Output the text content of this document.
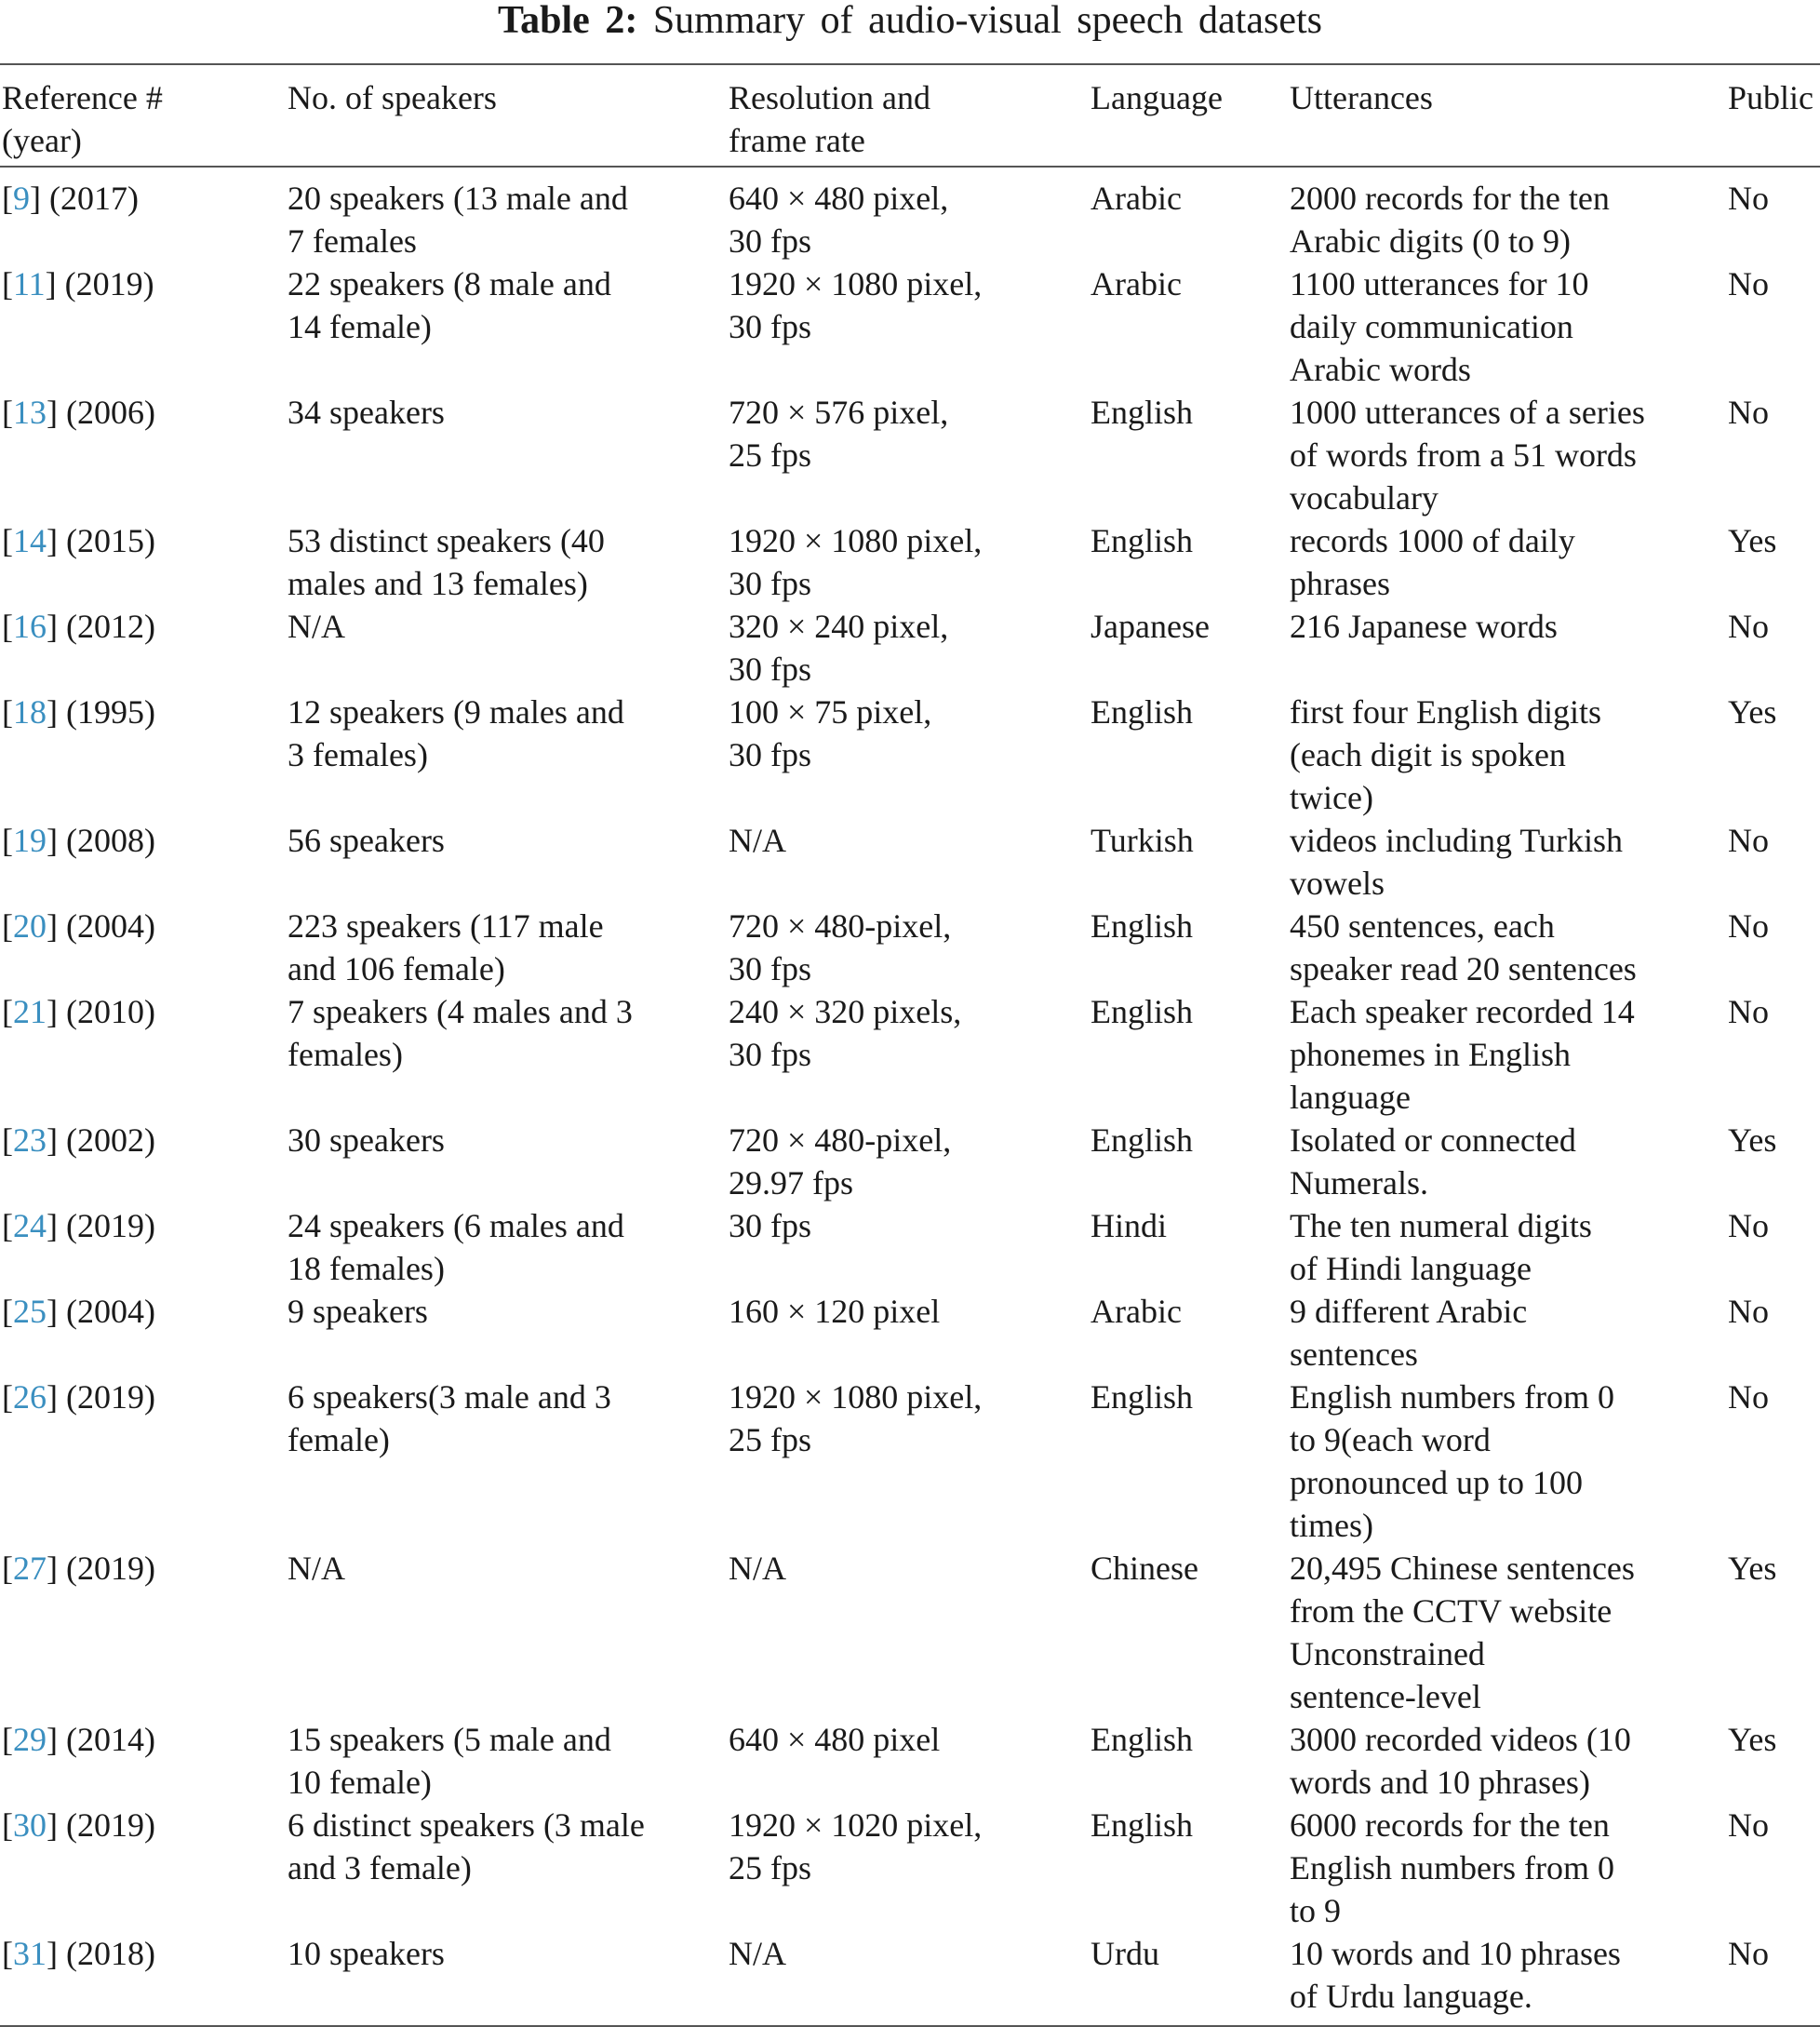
Table 2: Summary of audio-visual speech datasets
Reference #
(year)	No. of speakers	Resolution and
frame rate	Language	Utterances	Public
[9] (2017)	20 speakers (13 male and
7 females	640 × 480 pixel,
30 fps	Arabic	2000 records for the ten
Arabic digits (0 to 9)	No
[11] (2019)	22 speakers (8 male and
14 female)	1920 × 1080 pixel,
30 fps	Arabic	1100 utterances for 10
daily communication
Arabic words	No
[13] (2006)	34 speakers	720 × 576 pixel,
25 fps	English	1000 utterances of a series
of words from a 51 words
vocabulary	No
[14] (2015)	53 distinct speakers (40
males and 13 females)	1920 × 1080 pixel,
30 fps	English	records 1000 of daily
phrases	Yes
[16] (2012)	N/A	320 × 240 pixel,
30 fps	Japanese	216 Japanese words	No
[18] (1995)	12 speakers (9 males and
3 females)	100 × 75 pixel,
30 fps	English	first four English digits
(each digit is spoken
twice)	Yes
[19] (2008)	56 speakers	N/A	Turkish	videos including Turkish
vowels	No
[20] (2004)	223 speakers (117 male
and 106 female)	720 × 480-pixel,
30 fps	English	450 sentences, each
speaker read 20 sentences	No
[21] (2010)	7 speakers (4 males and 3
females)	240 × 320 pixels,
30 fps	English	Each speaker recorded 14
phonemes in English
language	No
[23] (2002)	30 speakers	720 × 480-pixel,
29.97 fps	English	Isolated or connected
Numerals.	Yes
[24] (2019)	24 speakers (6 males and
18 females)	30 fps	Hindi	The ten numeral digits
of Hindi language	No
[25] (2004)	9 speakers	160 × 120 pixel	Arabic	9 different Arabic
sentences	No
[26] (2019)	6 speakers(3 male and 3
female)	1920 × 1080 pixel,
25 fps	English	English numbers from 0
to 9(each word
pronounced up to 100
times)	No
[27] (2019)	N/A	N/A	Chinese	20,495 Chinese sentences
from the CCTV website
Unconstrained
sentence-level	Yes
[29] (2014)	15 speakers (5 male and
10 female)	640 × 480 pixel	English	3000 recorded videos (10
words and 10 phrases)	Yes
[30] (2019)	6 distinct speakers (3 male
and 3 female)	1920 × 1020 pixel,
25 fps	English	6000 records for the ten
English numbers from 0
to 9	No
[31] (2018)	10 speakers	N/A	Urdu	10 words and 10 phrases
of Urdu language.	No
